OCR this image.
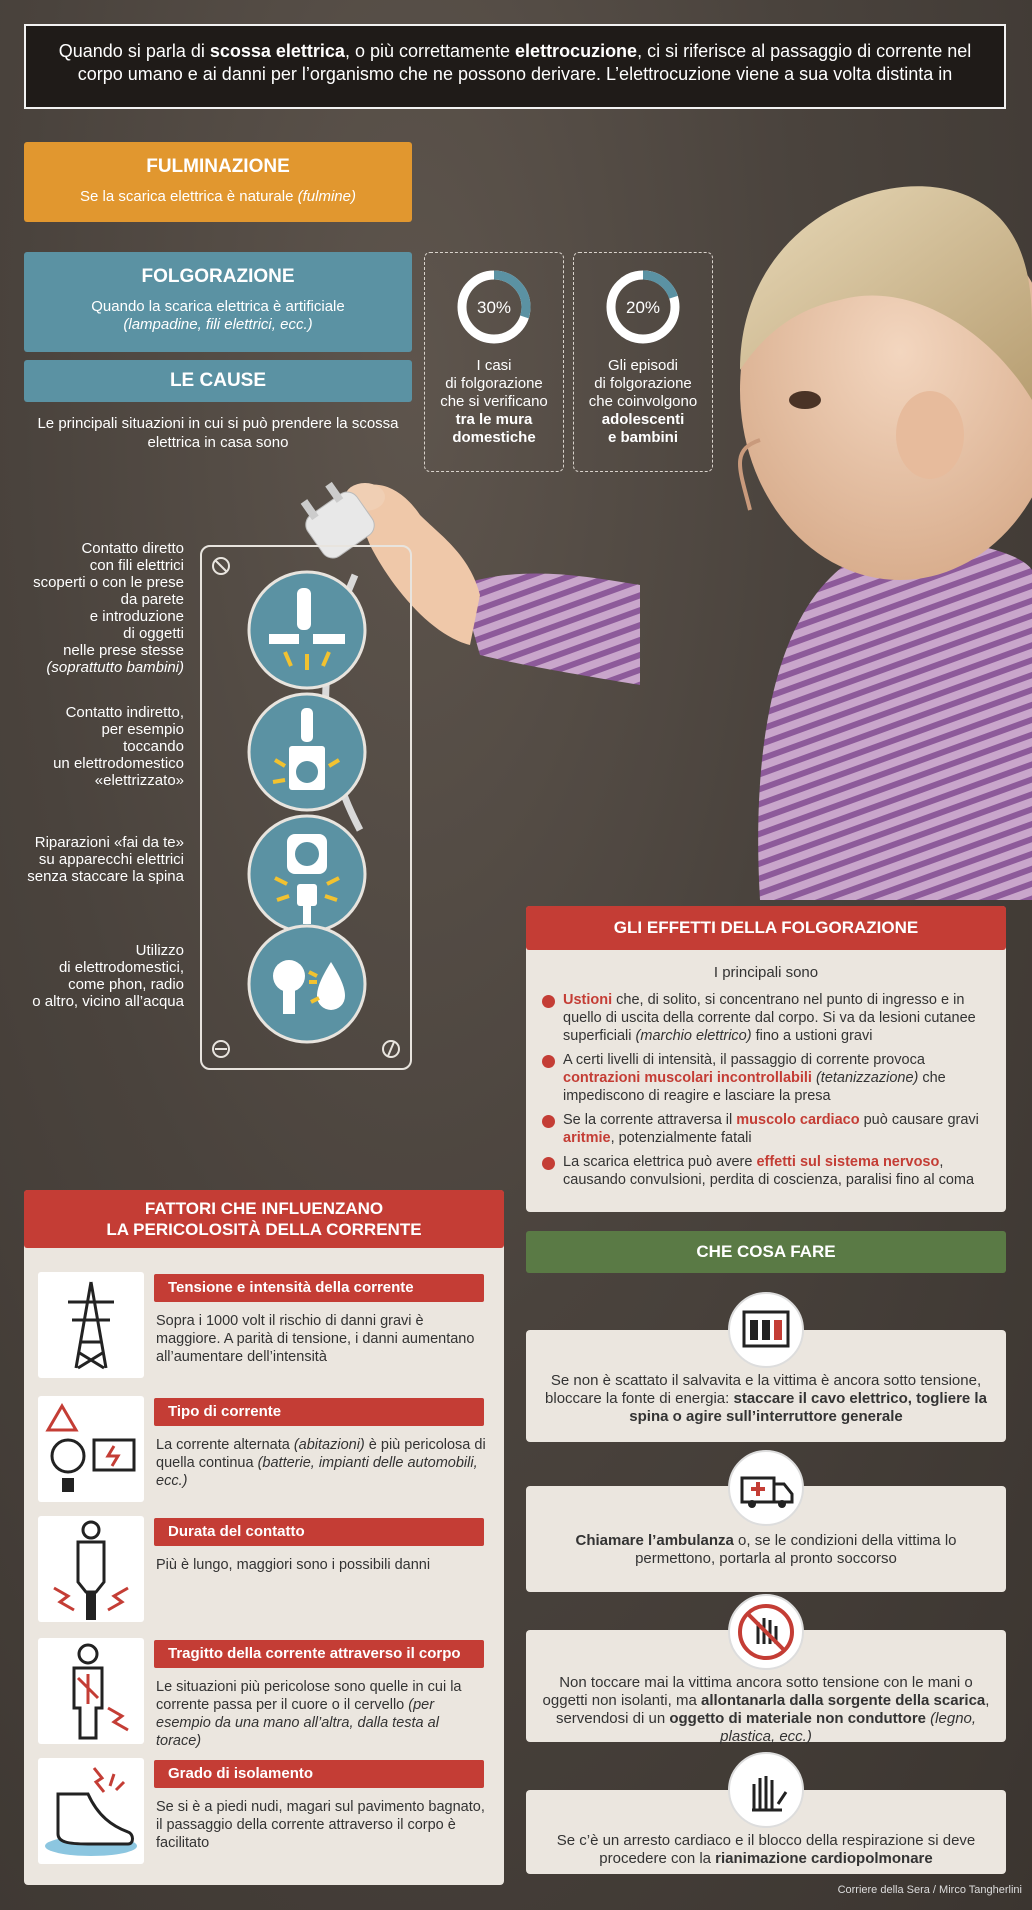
Quando si parla di scossa elettrica, o più correttamente elettrocuzione, ci si riferisce al passaggio di corrente nel corpo umano e ai danni per l’organismo che ne possono derivare. L’elettrocuzione viene a sua volta distinta in
FULMINAZIONE
Se la scarica elettrica è naturale (fulmine)
FOLGORAZIONE
Quando la scarica elettrica è artificiale
(lampadine, fili elettrici, ecc.)
LE CAUSE
Le principali situazioni in cui si può prendere la scossa elettrica in casa sono
30%
I casi
di folgorazione
che si verificano
tra le mura
domestiche
20%
Gli episodi
di folgorazione
che coinvolgono
adolescenti
e bambini
Contatto diretto
con fili elettrici
scoperti o con le prese
da parete
e introduzione
di oggetti
nelle prese stesse
(soprattutto bambini)
Contatto indiretto,
per esempio
toccando
un elettrodomestico
«elettrizzato»
Riparazioni «fai da te»
su apparecchi elettrici
senza staccare la spina
Utilizzo
di elettrodomestici,
come phon, radio
o altro, vicino all’acqua
GLI EFFETTI DELLA FOLGORAZIONE
I principali sono
Ustioni che, di solito, si concentrano nel punto di ingresso e in quello di uscita della corrente dal corpo. Si va da lesioni cutanee superficiali (marchio elettrico) fino a ustioni gravi
A certi livelli di intensità, il passaggio di corrente provoca contrazioni muscolari incontrollabili (tetanizzazione) che impediscono di reagire e lasciare la presa
Se la corrente attraversa il muscolo cardiaco può causare gravi aritmie, potenzialmente fatali
La scarica elettrica può avere effetti sul sistema nervoso, causando convulsioni, perdita di coscienza, paralisi fino al coma
FATTORI CHE INFLUENZANO
LA PERICOLOSITÀ DELLA CORRENTE
Tensione e intensità della corrente
Sopra i 1000 volt il rischio di danni gravi è maggiore. A parità di tensione, i danni aumentano all’aumentare dell’intensità
Tipo di corrente
La corrente alternata (abitazioni) è più pericolosa di quella continua (batterie, impianti delle automobili, ecc.)
Durata del contatto
Più è lungo, maggiori sono i possibili danni
Tragitto della corrente attraverso il corpo
Le situazioni più pericolose sono quelle in cui la corrente passa per il cuore o il cervello (per esempio da una mano all’altra, dalla testa al torace)
Grado di isolamento
Se si è a piedi nudi, magari sul pavimento bagnato, il passaggio della corrente attraverso il corpo è facilitato
CHE COSA FARE
Se non è scattato il salvavita e la vittima è ancora sotto tensione, bloccare la fonte di energia: staccare il cavo elettrico, togliere la spina o agire sull’interruttore generale
Chiamare l’ambulanza o, se le condizioni della vittima lo permettono, portarla al pronto soccorso
Non toccare mai la vittima ancora sotto tensione con le mani o oggetti non isolanti, ma allontanarla dalla sorgente della scarica, servendosi di un oggetto di materiale non conduttore (legno, plastica, ecc.)
Se c’è un arresto cardiaco e il blocco della respirazione si deve procedere con la rianimazione cardiopolmonare
Corriere della Sera / Mirco Tangherlini
